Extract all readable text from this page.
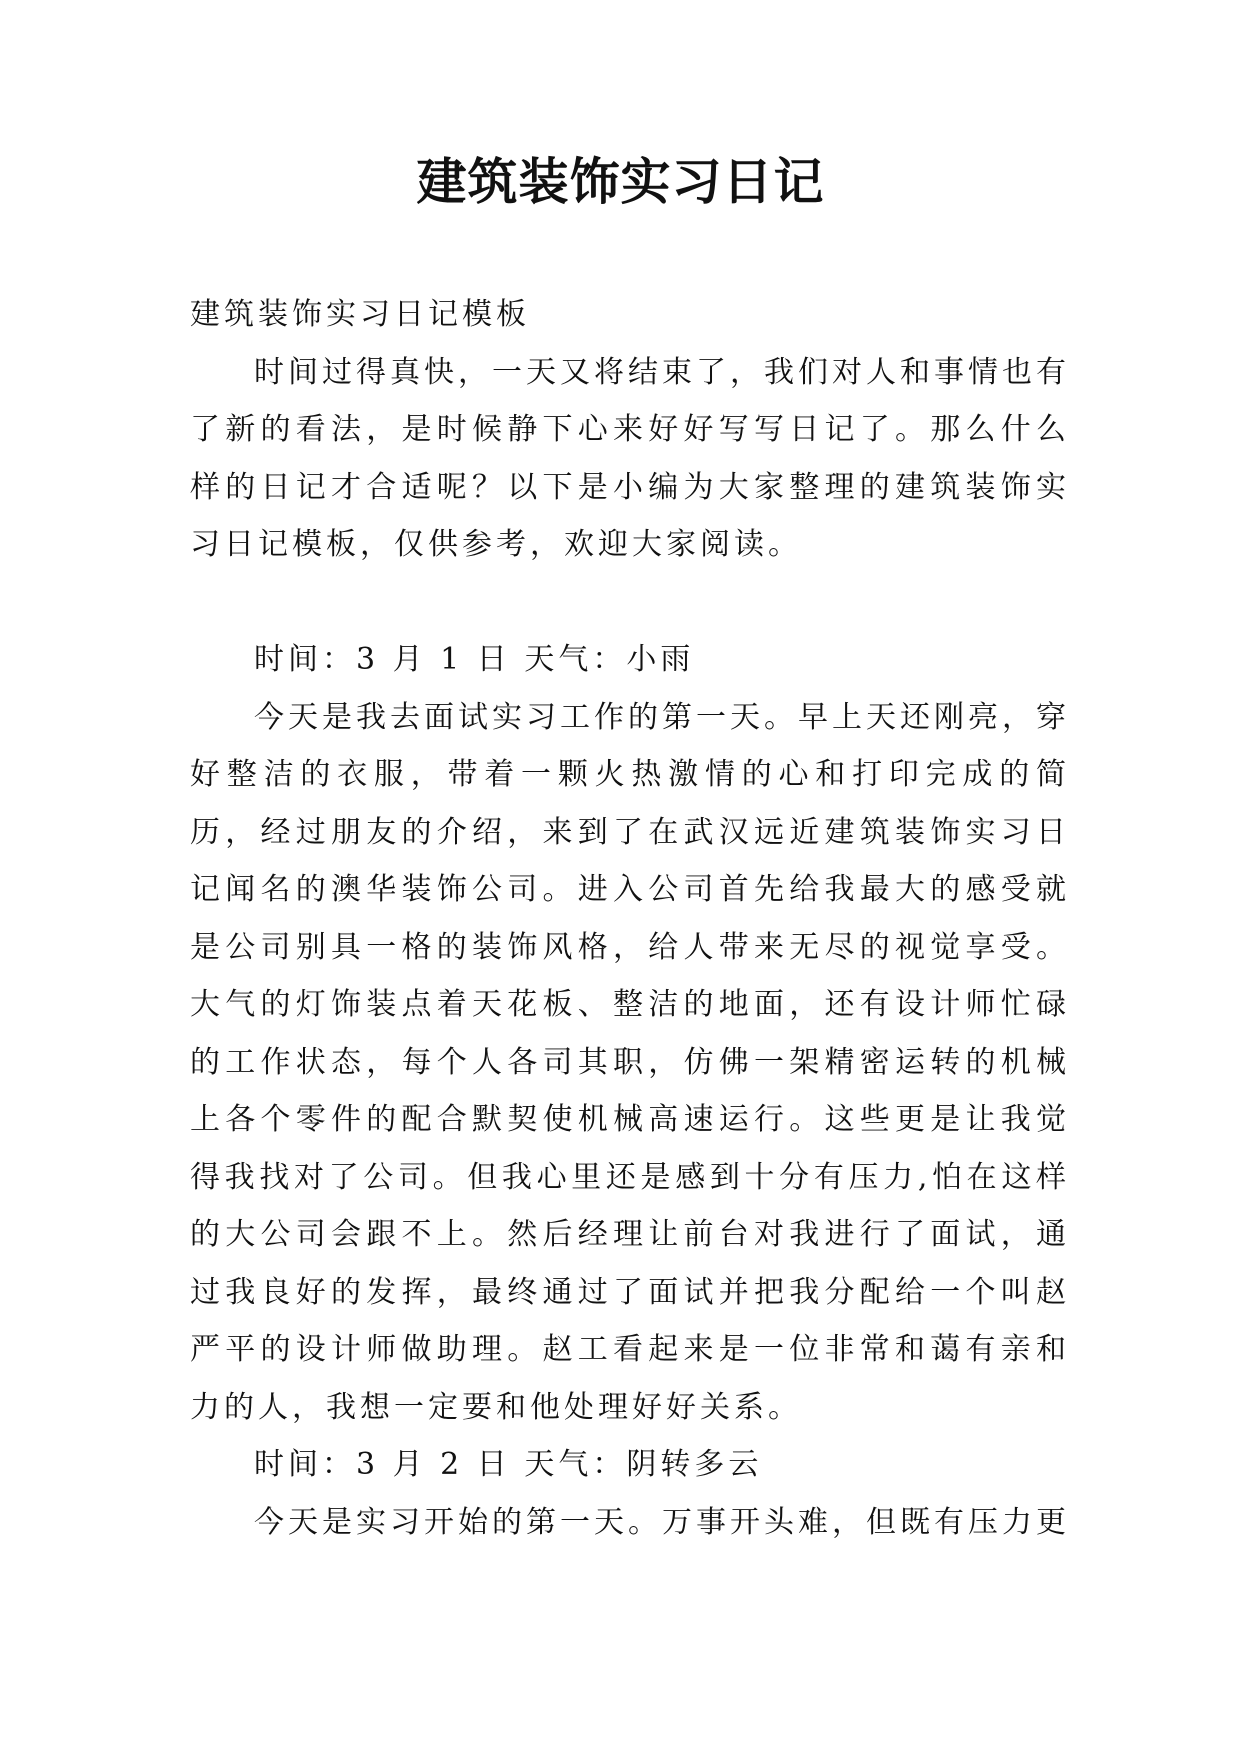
建筑装饰实习日记

建筑装饰实习日记模板

时间过得真快，一天又将结束了，我们对人和事情也有了新的看法，是时候静下心来好好写写日记了。那么什么样的日记才合适呢？以下是小编为大家整理的建筑装饰实习日记模板，仅供参考，欢迎大家阅读。

时间：3 月 1 日 天气：小雨

今天是我去面试实习工作的第一天。早上天还刚亮，穿好整洁的衣服，带着一颗火热激情的心和打印完成的简历，经过朋友的介绍，来到了在武汉远近建筑装饰实习日记闻名的澳华装饰公司。进入公司首先给我最大的感受就是公司别具一格的装饰风格，给人带来无尽的视觉享受。大气的灯饰装点着天花板、整洁的地面，还有设计师忙碌的工作状态，每个人各司其职，仿佛一架精密运转的机械上各个零件的配合默契使机械高速运行。这些更是让我觉得我找对了公司。但我心里还是感到十分有压力,怕在这样的大公司会跟不上。然后经理让前台对我进行了面试，通过我良好的发挥，最终通过了面试并把我分配给一个叫赵严平的设计师做助理。赵工看起来是一位非常和蔼有亲和力的人，我想一定要和他处理好好关系。

时间：3 月 2 日 天气：阴转多云

今天是实习开始的第一天。万事开头难，但既有压力更
